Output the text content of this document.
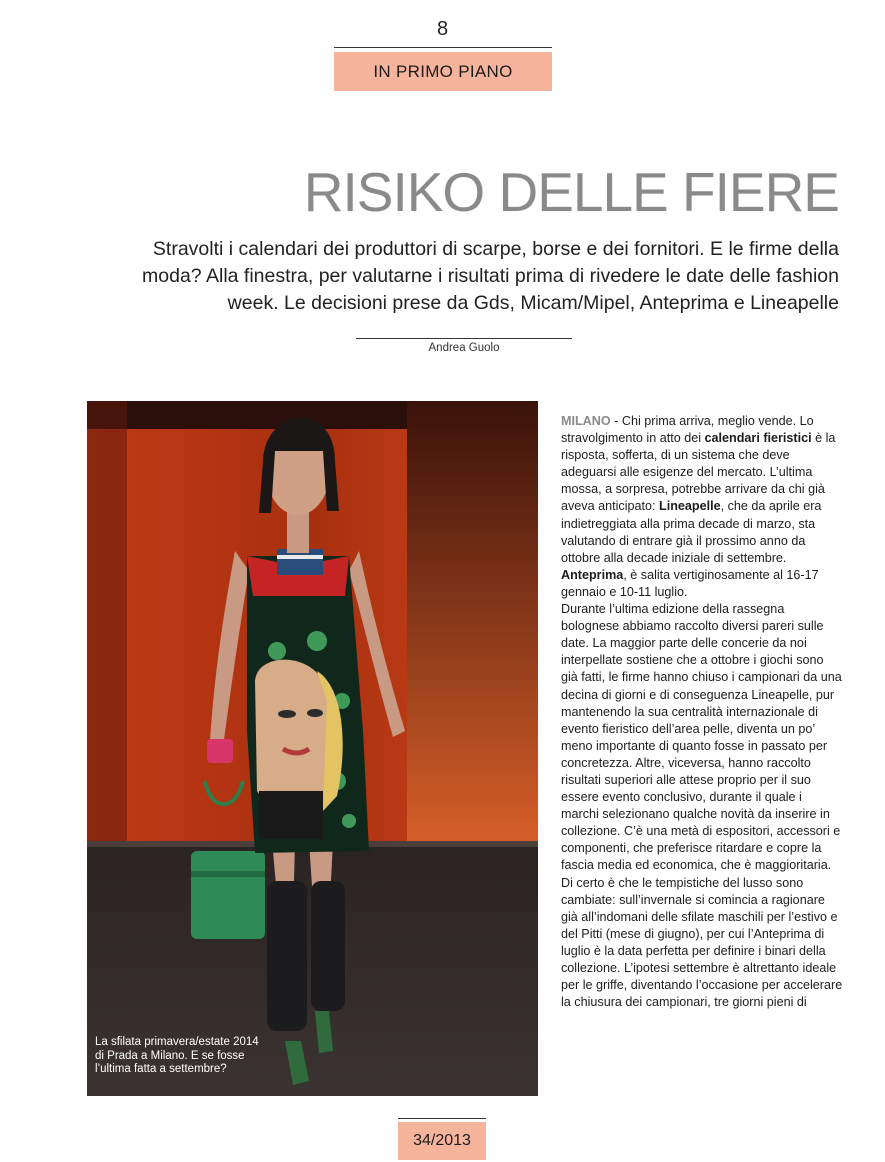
8
IN PRIMO PIANO
RISIKO DELLE FIERE

Stravolti i calendari dei produttori di scarpe, borse e dei fornitori. E le firme della moda? Alla finestra, per valutarne i risultati prima di rivedere le date delle fashion week. Le decisioni prese da Gds, Micam/Mipel, Anteprima e Lineapelle

Andrea Guolo
La sfilata primavera/estate 2014 di Prada a Milano. E se fosse l’ultima fatta a settembre?

MILANO - Chi prima arriva, meglio vende. Lo stravolgimento in atto dei calendari fieristici è la risposta, sofferta, di un sistema che deve adeguarsi alle esigenze del mercato. L’ultima mossa, a sorpresa, potrebbe arrivare da chi già aveva anticipato: Lineapelle, che da aprile era indietreggiata alla prima decade di marzo, sta valutando di entrare già il prossimo anno da ottobre alla decade iniziale di settembre. Anteprima, è salita vertiginosamente al 16-17 gennaio e 10-11 luglio.

Durante l’ultima edizione della rassegna bolognese abbiamo raccolto diversi pareri sulle date. La maggior parte delle concerie da noi interpellate sostiene che a ottobre i giochi sono già fatti, le firme hanno chiuso i campionari da una decina di giorni e di conseguenza Lineapelle, pur mantenendo la sua centralità internazionale di evento fieristico dell’area pelle, diventa un po’ meno importante di quanto fosse in passato per concretezza. Altre, viceversa, hanno raccolto risultati superiori alle attese proprio per il suo essere evento conclusivo, durante il quale i marchi selezionano qualche novità da inserire in collezione. C’è una metà di espositori, accessori e componenti, che preferisce ritardare e copre la fascia media ed economica, che è maggioritaria. Di certo è che le tempistiche del lusso sono cambiate: sull’invernale si comincia a ragionare già all’indomani delle sfilate maschili per l’estivo e del Pitti (mese di giugno), per cui l’Anteprima di luglio è la data perfetta per definire i binari della collezione. L’ipotesi settembre è altrettanto ideale per le griffe, diventando l’occasione per accelerare la chiusura dei campionari, tre giorni pieni di

34/2013
